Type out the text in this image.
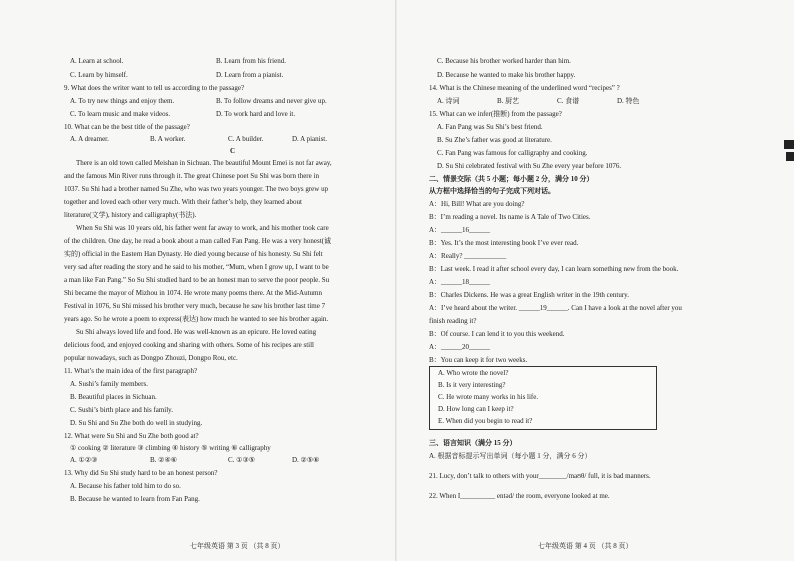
A. Learn at school.	B. Learn from his friend.
C. Learn by himself.	D. Learn from a pianist.
9. What does the writer want to tell us according to the passage?
A. To try new things and enjoy them.	B. To follow dreams and never give up.
C. To learn music and make videos.	D. To work hard and love it.
10. What can be the best title of the passage?
A. A dreamer.	B. A worker.	C. A builder.	D. A pianist.
C
There is an old town called Meishan in Sichuan. The beautiful Mount Emei is not far away,
and the famous Min River runs through it. The great Chinese poet Su Shi was born there in
1037. Su Shi had a brother named Su Zhe, who was two years younger. The two boys grew up
together and loved each other very much. With their father’s help, they learned about
literature(文学), history and calligraphy(书法).
When Su Shi was 10 years old, his father went far away to work, and his mother took care
of the children. One day, he read a book about a man called Fan Pang. He was a very honest(诚
实的) official in the Eastern Han Dynasty. He died young because of his honesty. Su Shi felt
very sad after reading the story and he said to his mother, “Mum, when I grow up, I want to be
a man like Fan Pang.” So Su Shi studied hard to be an honest man to serve the poor people. Su
Shi became the mayor of Mizhou in 1074. He wrote many poems there. At the Mid-Autumn
Festival in 1076, Su Shi missed his brother very much, because he saw his brother last time 7
years ago. So he wrote a poem to express(表达) how much he wanted to see his brother again.
Su Shi always loved life and food. He was well-known as an epicure. He loved eating
delicious food, and enjoyed cooking and sharing with others. Some of his recipes are still
popular nowadays, such as Dongpo Zhouzi, Dongpo Rou, etc.
11. What’s the main idea of the first paragraph?
A. Sushi’s family members.
B. Beautiful places in Sichuan.
C. Sushi’s birth place and his family.
D. Su Shi and Su Zhe both do well in studying.
12. What were Su Shi and Su Zhe both good at?
① cooking ② literature ③ climbing ④ history ⑤ writing ⑥ calligraphy
A. ①②③	B. ②④⑥	C. ①③⑤	D. ②⑤⑥
13. Why did Su Shi study hard to be an honest person?
A. Because his father told him to do so.
B. Because he wanted to learn from Fan Pang.
A. Who wrote the novel?
B. Is it very interesting?
C. He wrote many works in his life.
D. How long can I keep it?
E. When did you begin to read it?
C. Because his brother worked harder than him.
D. Because he wanted to make his brother happy.
14. What is the Chinese meaning of the underlined word “recipes” ?
A. 诗词	B. 厨艺	C. 食谱	D. 特色
15. What can we infer(推断) from the passage?
A. Fan Pang was Su Shi’s best friend.
B. Su Zhe’s father was good at literature.
C. Fan Pang was famous for calligraphy and cooking.
D. Su Shi celebrated festival with Su Zhe every year before 1076.
二、情景交际（共 5 小题；每小题 2 分，满分 10 分）
从方框中选择恰当的句子完成下列对话。
A：Hi, Bill! What are you doing?
B：I’m reading a novel. Its name is A Tale of Two Cities.
A：______16______
B：Yes. It’s the most interesting book I’ve ever read.
A：Really? ____________
B：Last week. I read it after school every day, I can learn something new from the book.
A：______18______
B：Charles Dickens. He was a great English writer in the 19th century.
A：I’ve heard about the writer. ______19______. Can I have a look at the novel after you
finish reading it?
B：Of course. I can lend it to you this weekend.
A：______20______
B：You can keep it for two weeks.
三、语言知识（满分 15 分）
A. 根据音标提示写出单词（每小题 1 分，满分 6 分）
21. Lucy, don’t talk to others with your________/maʊθ/ full, it is bad manners.
22. When I__________ entəd/ the room, everyone looked at me.
七年级英语 第 3 页 （共 8 页）	七年级英语 第 4 页 （共 8 页）
